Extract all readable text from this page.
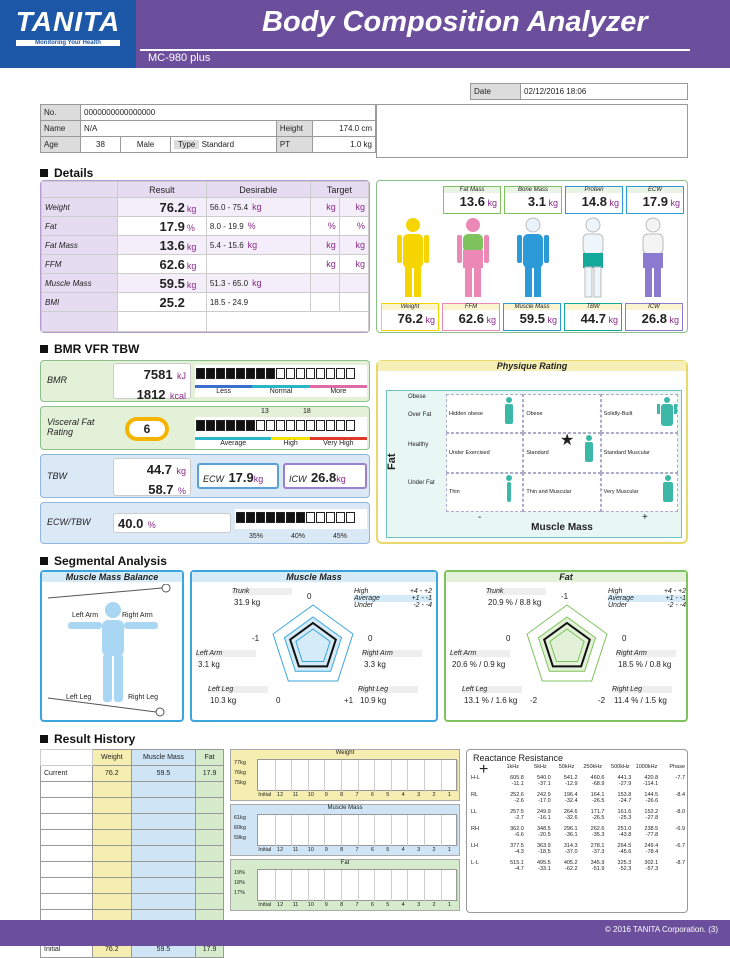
TANITA
Monitoring Your Health
Body Composition Analyzer
MC-980 plus
Date	02/12/2016 18:06
No.	0000000000000000				
Name	N/A			Height	174.0 cm
Age	38	Male	Type Standard	PT	1.0 kg
Details
	Result	Desirable	Target	
Weight	76.2 kg	56.0 - 75.4 kg	kg	kg
Fat	17.9 %	8.0 - 19.9 %	%	%
Fat Mass	13.6 kg	5.4 - 15.6 kg	kg	kg
FFM	62.6 kg		kg	kg
Muscle Mass	59.5 kg	51.3 - 65.0 kg		
BMI	25.2	18.5 - 24.9		

Fat Mass
13.6 kg
Bone Mass
3.1 kg
Protein
14.8 kg
ECW
17.9 kg
Weight
76.2 kg
FFM
62.6 kg
Muscle Mass
59.5 kg
TBW
44.7 kg
ICW
26.8 kg
BMR VFR TBW
BMR	7581 kJ
1812 kcal	Less	Normal	More
Visceral Fat Rating	6
13	18
Average	High	Very High
TBW	44.7 kg
58.7 %
ECW 17.9kg	ICW 26.8kg
ECW/TBW	40.0 %
35%	40%	45%
Physique Rating
Fat
Obese
Over Fat
Healthy
Under Fat
Hidden obese	Obese	Solidly-Built
Under Exercised	Standard	Standard Muscular
Thin	Thin and Muscular	Very Muscular
★
-
Muscle Mass
+
Segmental Analysis
Muscle Mass Balance
Left Arm	Right Arm
Left Leg	Right Leg
Muscle Mass
0
-1	0
0	+1
Trunk
31.9 kg
Left Arm
3.1 kg
Right Arm
3.3 kg
Left Leg
10.3 kg
Right Leg
10.9 kg
High	+4 - +2
Average	+1 - -1
Under	-2 - -4
Fat
-1
0	0
-2	-2
Trunk
20.9 % / 8.8 kg
Left Arm
20.6 % / 0.9 kg
Right Arm
18.5 % / 0.8 kg
Left Leg
13.1 % / 1.6 kg
Right Leg
11.4 % / 1.5 kg
High	+4 - +2
Average	+1 - -1
Under	-2 - -4
Result History
	Weight	Muscle Mass	Fat
Current	76.2	59.5	17.9

Initial	76.2	59.5	17.9
Weight
77kg
76kg
75kg
Initial	12	11	10	9	8	7	6	5	4	3	2	1
Muscle Mass
61kg
60kg
59kg
Initial	12	11	10	9	8	7	6	5	4	3	2	1
Fat
19%
18%
17%
Initial	12	11	10	9	8	7	6	5	4	3	2	1
Reactance Resistance
+	1kHz	5kHz	50kHz	250kHz	500kHz	1000kHz	Phase
H-L	605.8	540.0	541.2	460.6	441.3	420.8	-7.7
-11.1	-37.1	-12.9	-68.9	-27.9	-114.1
RL	252.6	242.9	196.4	164.1	153.8	144.5	-8.4
-2.6	-17.0	-32.4	-26.5	-24.7	-26.6
LL	257.5	249.9	264.6	171.7	161.6	152.2	-8.0
-2.7	-16.1	-32.6	-26.5	-25.3	-27.8
RH	362.0	348.5	296.1	262.6	251.0	238.5	-6.9
-6.6	-20.5	-36.1	-35.3	-43.8	-77.8
LH	377.5	363.9	314.3	278.1	264.5	249.4	-6.7
-4.3	-18.5	-37.0	-37.3	-45.6	-78.4
L-L	515.1	495.5	405.2	345.9	325.3	302.1	-8.7
-4.7	-33.1	-62.2	-51.9	-52.3	-57.3
© 2016 TANITA Corporation. (3)
